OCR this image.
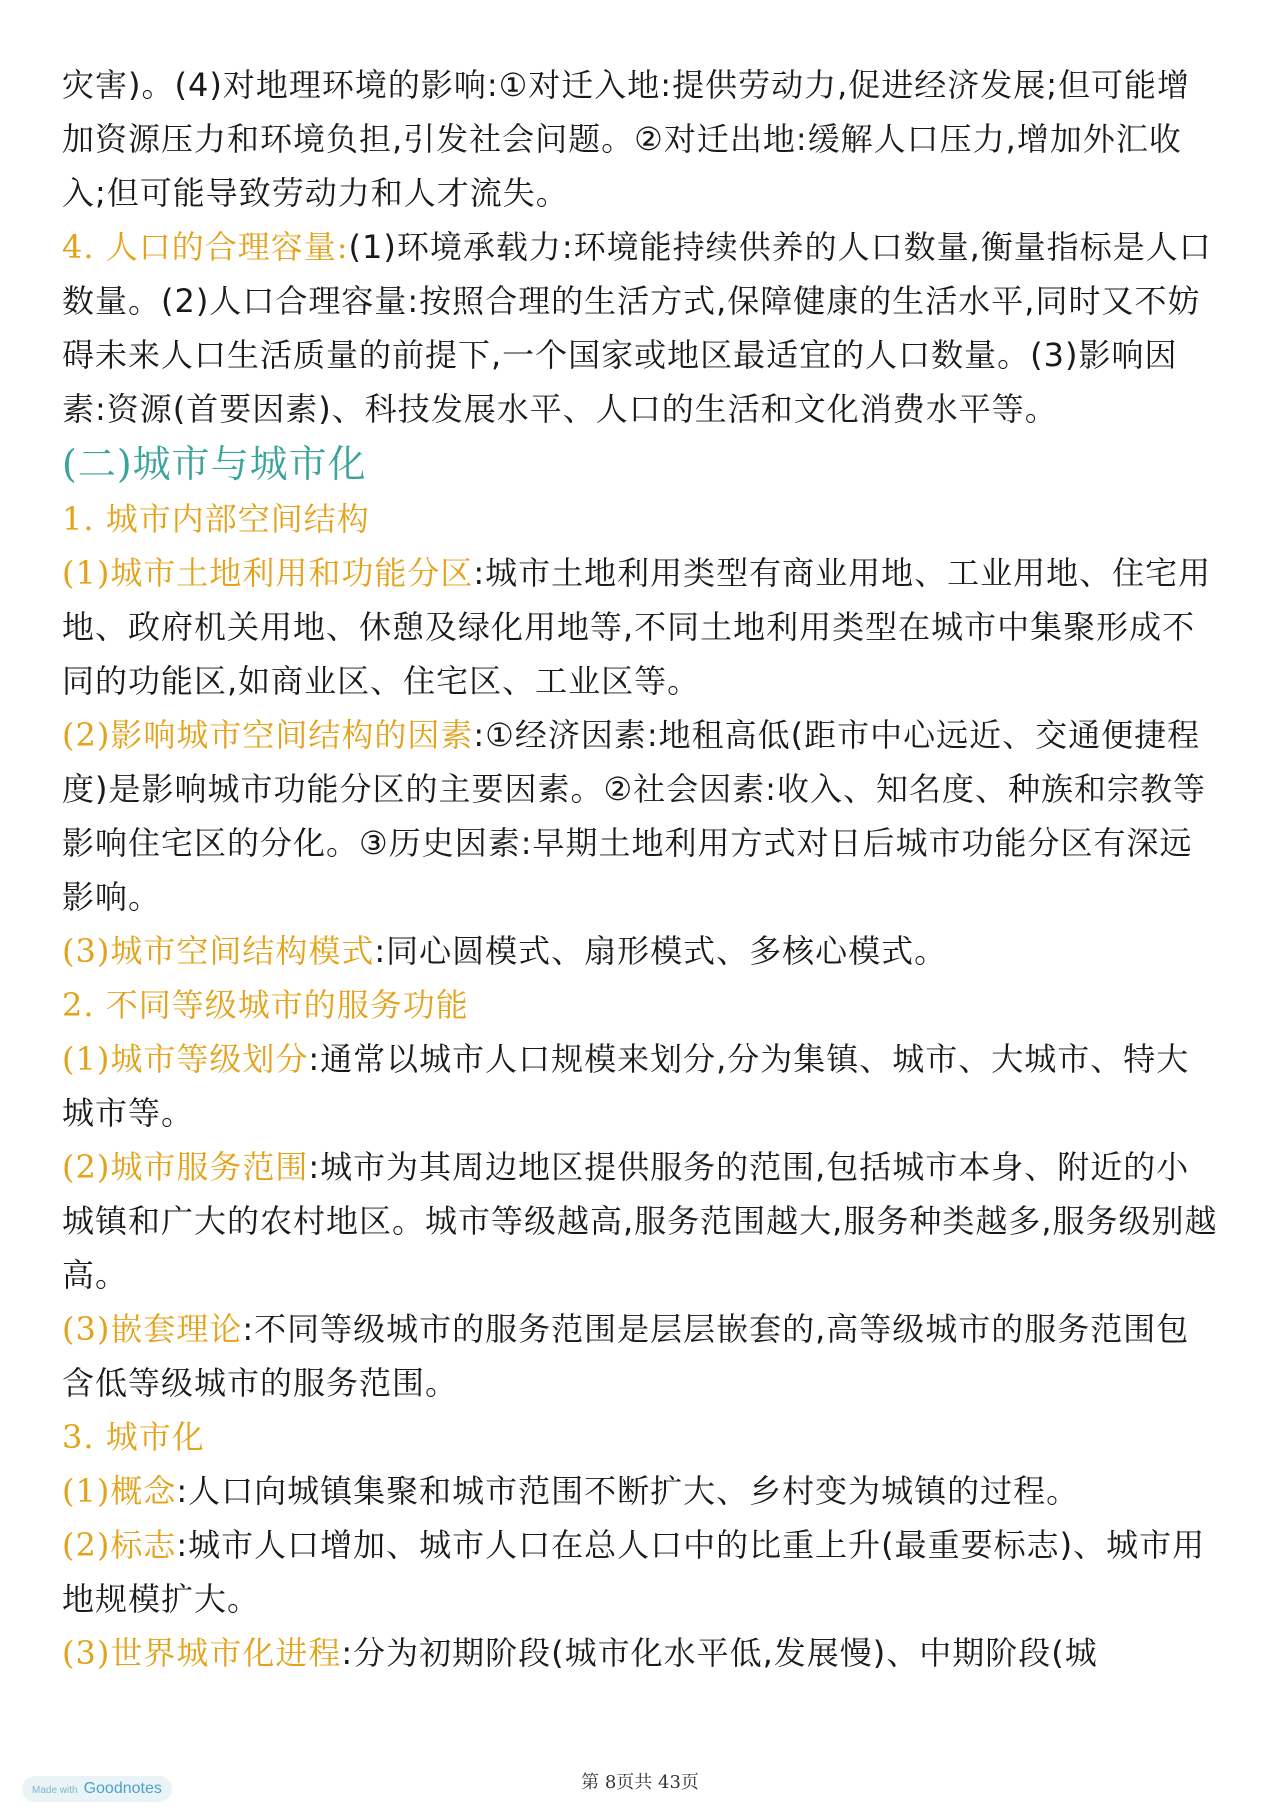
灾害)。(4)对地理环境的影响:①对迁入地:提供劳动力,促进经济发展;但可能增加资源压力和环境负担,引发社会问题。②对迁出地:缓解人口压力,增加外汇收入;但可能导致劳动力和人才流失。

4. 人口的合理容量:(1)环境承载力:环境能持续供养的人口数量,衡量指标是人口数量。(2)人口合理容量:按照合理的生活方式,保障健康的生活水平,同时又不妨碍未来人口生活质量的前提下,一个国家或地区最适宜的人口数量。(3)影响因素:资源(首要因素)、科技发展水平、人口的生活和文化消费水平等。

(二)城市与城市化

1. 城市内部空间结构

(1)城市土地利用和功能分区:城市土地利用类型有商业用地、工业用地、住宅用地、政府机关用地、休憩及绿化用地等,不同土地利用类型在城市中集聚形成不同的功能区,如商业区、住宅区、工业区等。

(2)影响城市空间结构的因素:①经济因素:地租高低(距市中心远近、交通便捷程度)是影响城市功能分区的主要因素。②社会因素:收入、知名度、种族和宗教等影响住宅区的分化。③历史因素:早期土地利用方式对日后城市功能分区有深远影响。

(3)城市空间结构模式:同心圆模式、扇形模式、多核心模式。

2. 不同等级城市的服务功能

(1)城市等级划分:通常以城市人口规模来划分,分为集镇、城市、大城市、特大城市等。

(2)城市服务范围:城市为其周边地区提供服务的范围,包括城市本身、附近的小城镇和广大的农村地区。城市等级越高,服务范围越大,服务种类越多,服务级别越高。

(3)嵌套理论:不同等级城市的服务范围是层层嵌套的,高等级城市的服务范围包含低等级城市的服务范围。

3. 城市化

(1)概念:人口向城镇集聚和城市范围不断扩大、乡村变为城镇的过程。

(2)标志:城市人口增加、城市人口在总人口中的比重上升(最重要标志)、城市用地规模扩大。

(3)世界城市化进程:分为初期阶段(城市化水平低,发展慢)、中期阶段(城

第 8页共 43页
Made with Goodnotes
